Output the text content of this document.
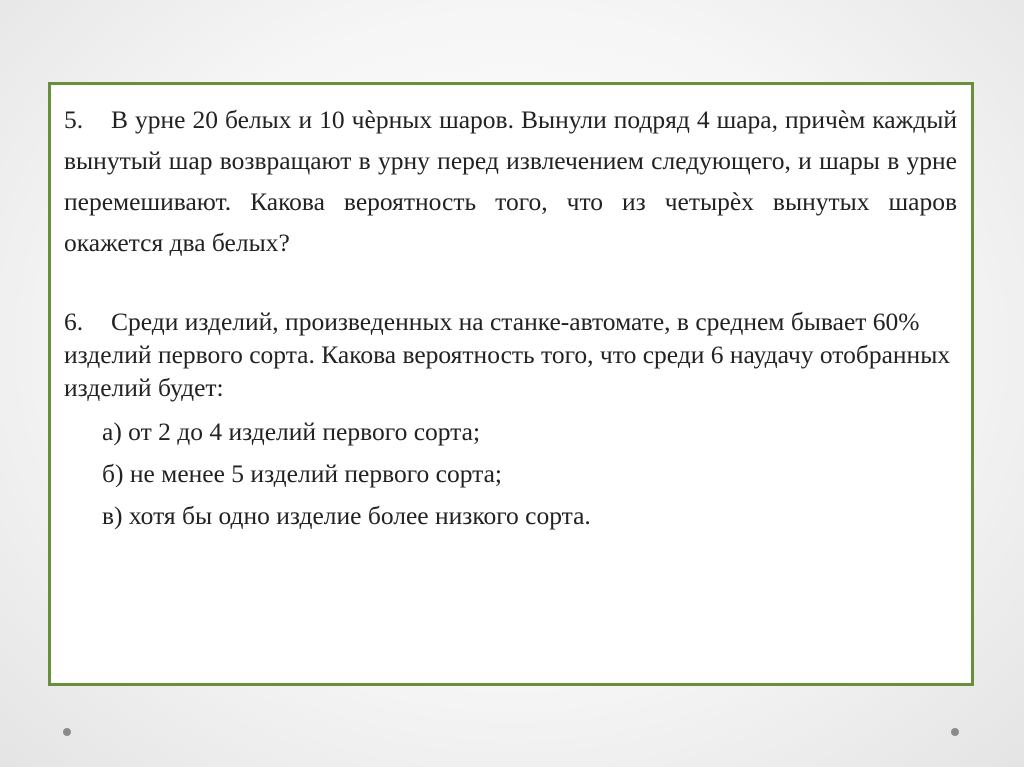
5. В урне 20 белых и 10 чѐрных шаров. Вынули подряд 4 шара, причѐм каждый вынутый шар возвращают в урну перед извлечением следующего, и шары в урне перемешивают. Какова вероятность того, что из четырѐх вынутых шаров окажется два белых?
6. Среди изделий, произведенных на станке-автомате, в среднем бывает 60% изделий первого сорта. Какова вероятность того, что среди 6 наудачу отобранных изделий будет:
а) от 2 до 4 изделий первого сорта;
б) не менее 5 изделий первого сорта;
в) хотя бы одно изделие более низкого сорта.
